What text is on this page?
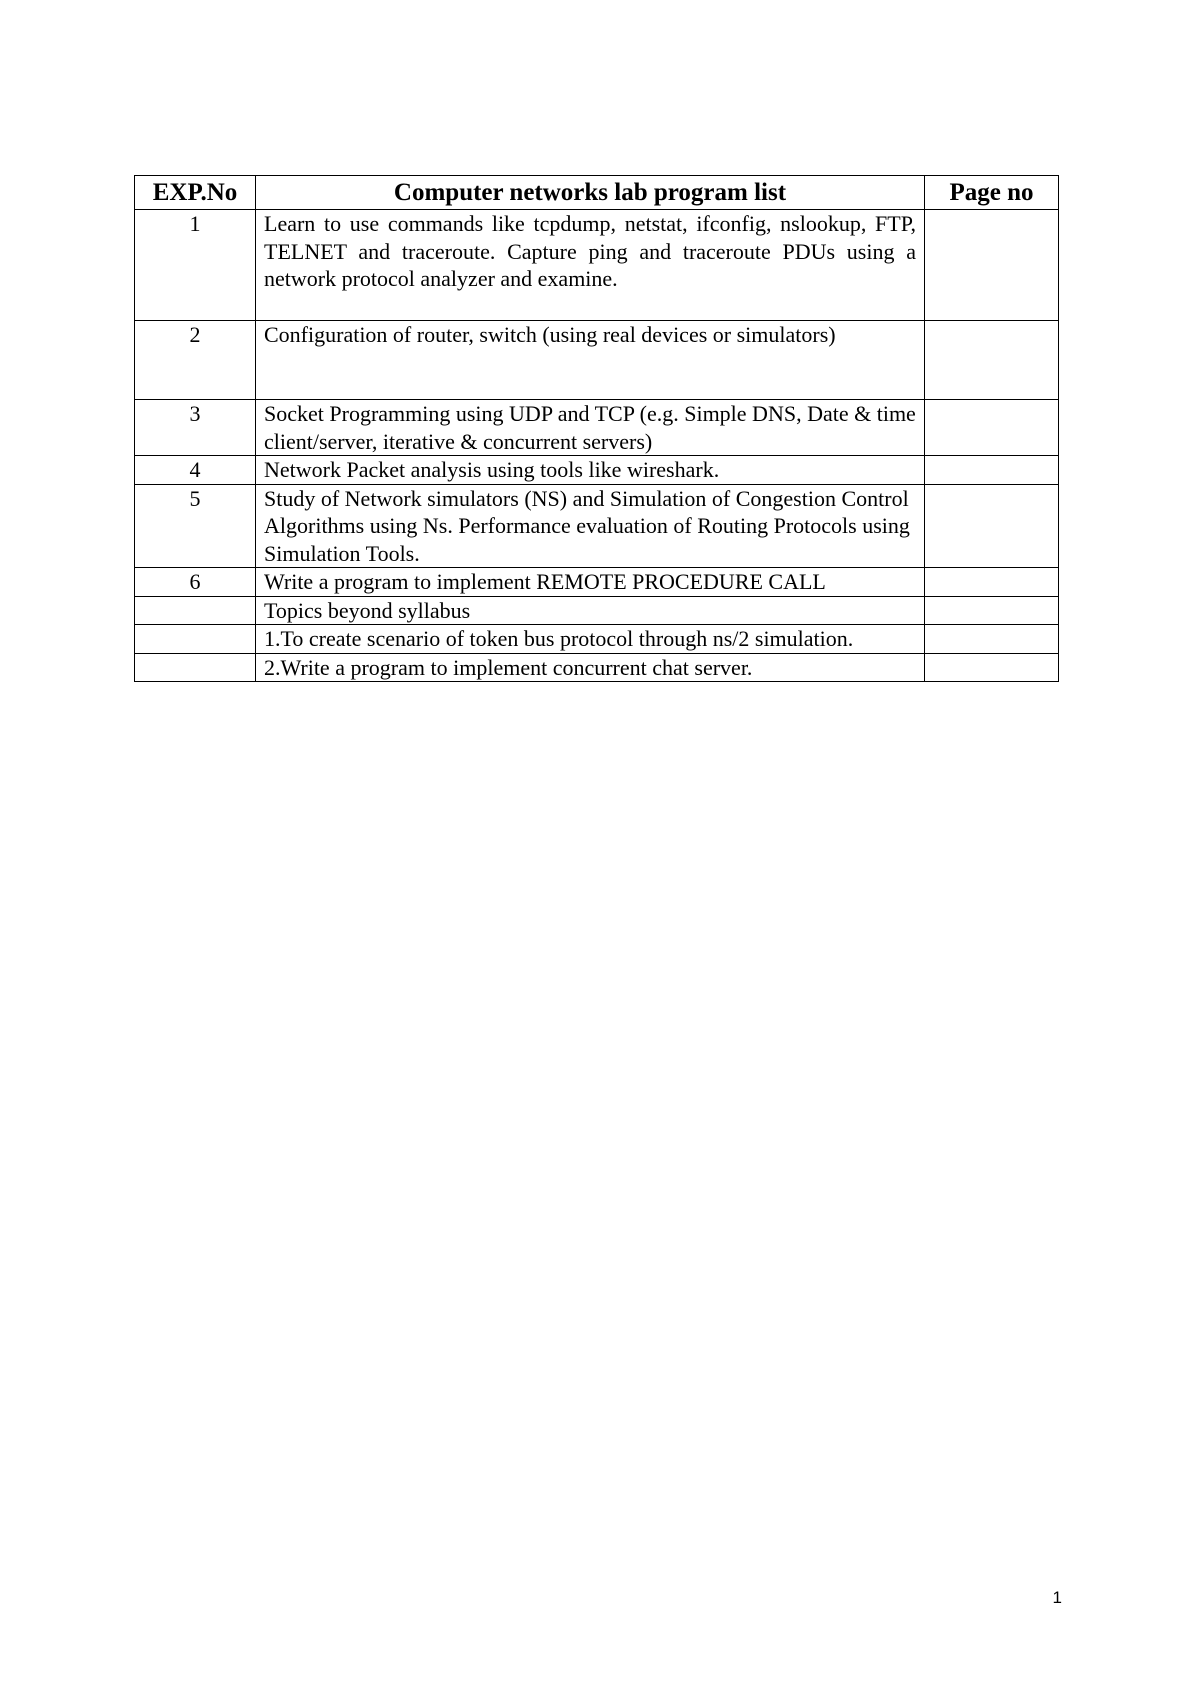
EXP.No	Computer networks lab program list	Page no
1	Learn to use commands like tcpdump, netstat, ifconfig, nslookup, FTP, TELNET and traceroute. Capture ping and traceroute PDUs using a network protocol analyzer and examine.	
2	Configuration of router, switch (using real devices or simulators)	
3	Socket Programming using UDP and TCP (e.g. Simple DNS, Date & time client/server, iterative & concurrent servers)	
4	Network Packet analysis using tools like wireshark.	
5	Study of Network simulators (NS) and Simulation of Congestion Control Algorithms using Ns. Performance evaluation of Routing Protocols using Simulation Tools.	
6	Write a program to implement REMOTE PROCEDURE CALL	
	Topics beyond syllabus	
	1.To create scenario of token bus protocol through ns/2 simulation.	
	2.Write a program to implement concurrent chat server.	
1
